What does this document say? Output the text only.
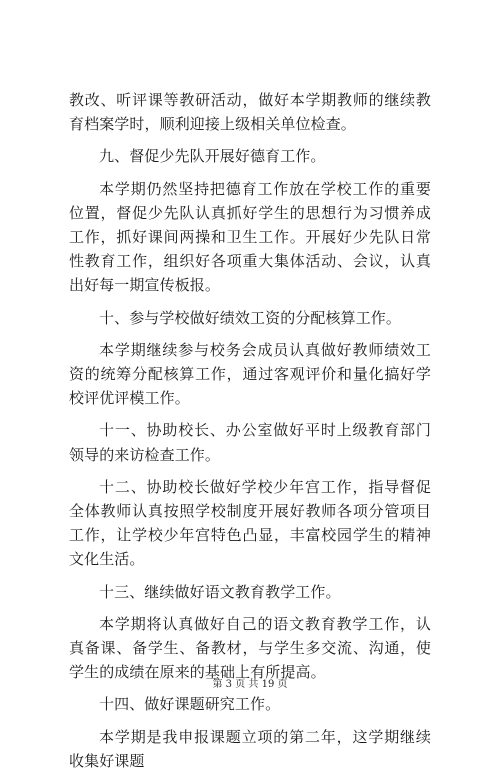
教改、听评课等教研活动，做好本学期教师的继续教育档案学时，顺利迎接上级相关单位检查。

九、督促少先队开展好德育工作。

本学期仍然坚持把德育工作放在学校工作的重要位置，督促少先队认真抓好学生的思想行为习惯养成工作，抓好课间两操和卫生工作。开展好少先队日常性教育工作，组织好各项重大集体活动、会议，认真出好每一期宣传板报。

十、参与学校做好绩效工资的分配核算工作。

本学期继续参与校务会成员认真做好教师绩效工资的统筹分配核算工作，通过客观评价和量化搞好学校评优评模工作。

十一、协助校长、办公室做好平时上级教育部门领导的来访检查工作。

十二、协助校长做好学校少年宫工作，指导督促全体教师认真按照学校制度开展好教师各项分管项目工作，让学校少年宫特色凸显，丰富校园学生的精神文化生活。

十三、继续做好语文教育教学工作。

本学期将认真做好自己的语文教育教学工作，认真备课、备学生、备教材，与学生多交流、沟通，使学生的成绩在原来的基础上有所提高。

十四、做好课题研究工作。

本学期是我申报课题立项的第二年，这学期继续收集好课题

第 3 页 共 19 页
